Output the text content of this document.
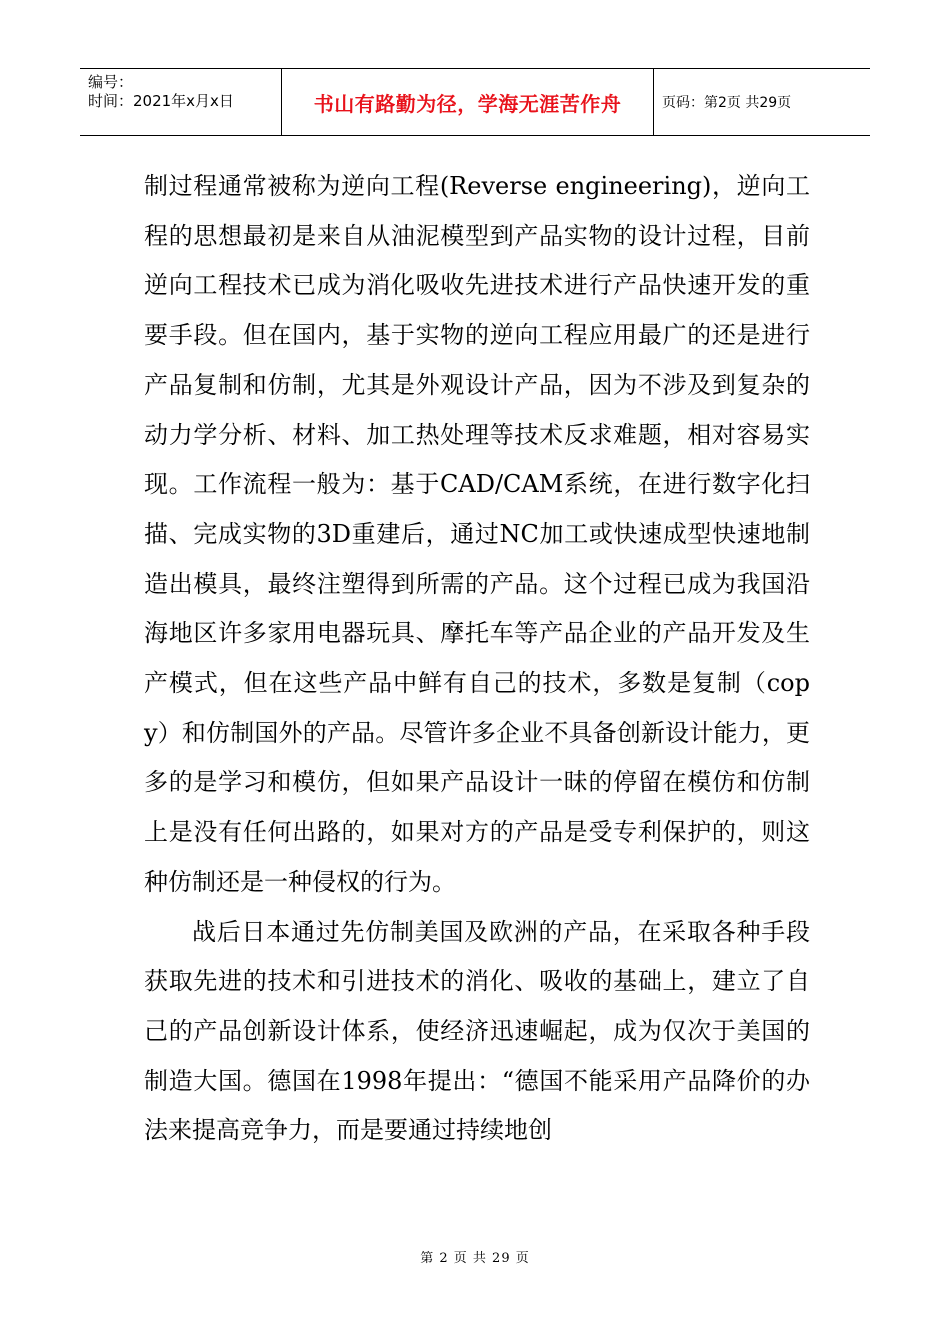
编号：
时间：2021年x月x日	书山有路勤为径，学海无涯苦作舟	页码：第2页 共29页

制过程通常被称为逆向工程(Reverse engineering)，逆向工程的思想最初是来自从油泥模型到产品实物的设计过程，目前逆向工程技术已成为消化吸收先进技术进行产品快速开发的重要手段。但在国内，基于实物的逆向工程应用最广的还是进行产品复制和仿制，尤其是外观设计产品，因为不涉及到复杂的动力学分析、材料、加工热处理等技术反求难题，相对容易实现。工作流程一般为：基于CAD/CAM系统，在进行数字化扫描、完成实物的3D重建后，通过NC加工或快速成型快速地制造出模具，最终注塑得到所需的产品。这个过程已成为我国沿海地区许多家用电器玩具、摩托车等产品企业的产品开发及生产模式，但在这些产品中鲜有自己的技术，多数是复制（copy）和仿制国外的产品。尽管许多企业不具备创新设计能力，更多的是学习和模仿，但如果产品设计一昧的停留在模仿和仿制上是没有任何出路的，如果对方的产品是受专利保护的，则这种仿制还是一种侵权的行为。

战后日本通过先仿制美国及欧洲的产品，在采取各种手段获取先进的技术和引进技术的消化、吸收的基础上，建立了自己的产品创新设计体系，使经济迅速崛起，成为仅次于美国的制造大国。德国在1998年提出：“德国不能采用产品降价的办法来提高竞争力，而是要通过持续地创

第 2 页 共 29 页
